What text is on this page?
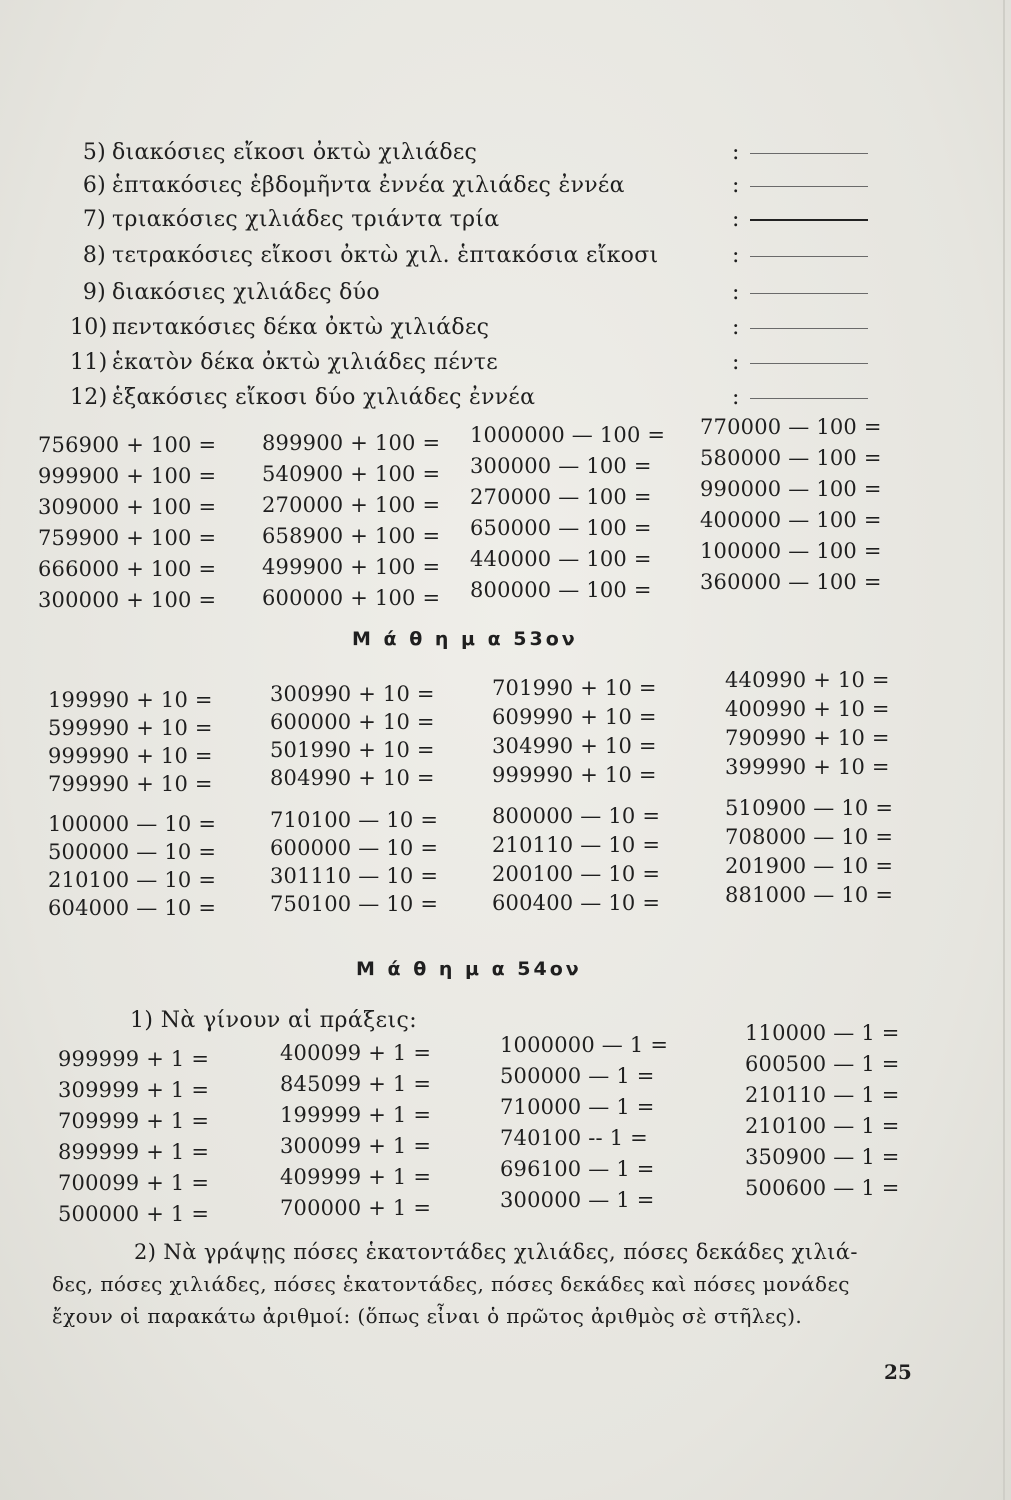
5) διακόσιες εἴκοσι ὀκτὼ χιλιάδες
6) ἑπτακόσιες ἑβδομῆντα ἐννέα χιλιάδες ἐννέα
7) τριακόσιες χιλιάδες τριάντα τρία
8) τετρακόσιες εἴκοσι ὀκτὼ χιλ. ἑπτακόσια εἴκοσι
9) διακόσιες χιλιάδες δύο
10) πεντακόσιες δέκα ὀκτὼ χιλιάδες
11) ἑκατὸν δέκα ὀκτὼ χιλιάδες πέντε
12) ἑξακόσιες εἴκοσι δύο χιλιάδες ἐννέα
:
:
:
:
:
:
:
:
756900 + 100 =
999900 + 100 =
309000 + 100 =
759900 + 100 =
666000 + 100 =
300000 + 100 =
899900 + 100 =
540900 + 100 =
270000 + 100 =
658900 + 100 =
499900 + 100 =
600000 + 100 =
1000000 — 100 =
300000 — 100 =
270000 — 100 =
650000 — 100 =
440000 — 100 =
800000 — 100 =
770000 — 100 =
580000 — 100 =
990000 — 100 =
400000 — 100 =
100000 — 100 =
360000 — 100 =
Μ ά θ η μ α 53ον
199990 + 10 =
599990 + 10 =
999990 + 10 =
799990 + 10 =
100000 — 10 =
500000 — 10 =
210100 — 10 =
604000 — 10 =
300990 + 10 =
600000 + 10 =
501990 + 10 =
804990 + 10 =
710100 — 10 =
600000 — 10 =
301110 — 10 =
750100 — 10 =
701990 + 10 =
609990 + 10 =
304990 + 10 =
999990 + 10 =
800000 — 10 =
210110 — 10 =
200100 — 10 =
600400 — 10 =
440990 + 10 =
400990 + 10 =
790990 + 10 =
399990 + 10 =
510900 — 10 =
708000 — 10 =
201900 — 10 =
881000 — 10 =
Μ ά θ η μ α 54ον
1) Νὰ γίνουν αἱ πράξεις:
999999 + 1 =
309999 + 1 =
709999 + 1 =
899999 + 1 =
700099 + 1 =
500000 + 1 =
400099 + 1 =
845099 + 1 =
199999 + 1 =
300099 + 1 =
409999 + 1 =
700000 + 1 =
1000000 — 1 =
500000 — 1 =
710000 — 1 =
740100 -- 1 =
696100 — 1 =
300000 — 1 =
110000 — 1 =
600500 — 1 =
210110 — 1 =
210100 — 1 =
350900 — 1 =
500600 — 1 =
2) Νὰ γράψῃς πόσες ἑκατοντάδες χιλιάδες, πόσες δεκάδες χιλιά-
δες, πόσες χιλιάδες, πόσες ἑκατοντάδες, πόσες δεκάδες καὶ πόσες μονάδες
ἔχουν οἱ παρακάτω ἀριθμοί: (ὅπως εἶναι ὁ πρῶτος ἀριθμὸς σὲ στῆλες).
25
